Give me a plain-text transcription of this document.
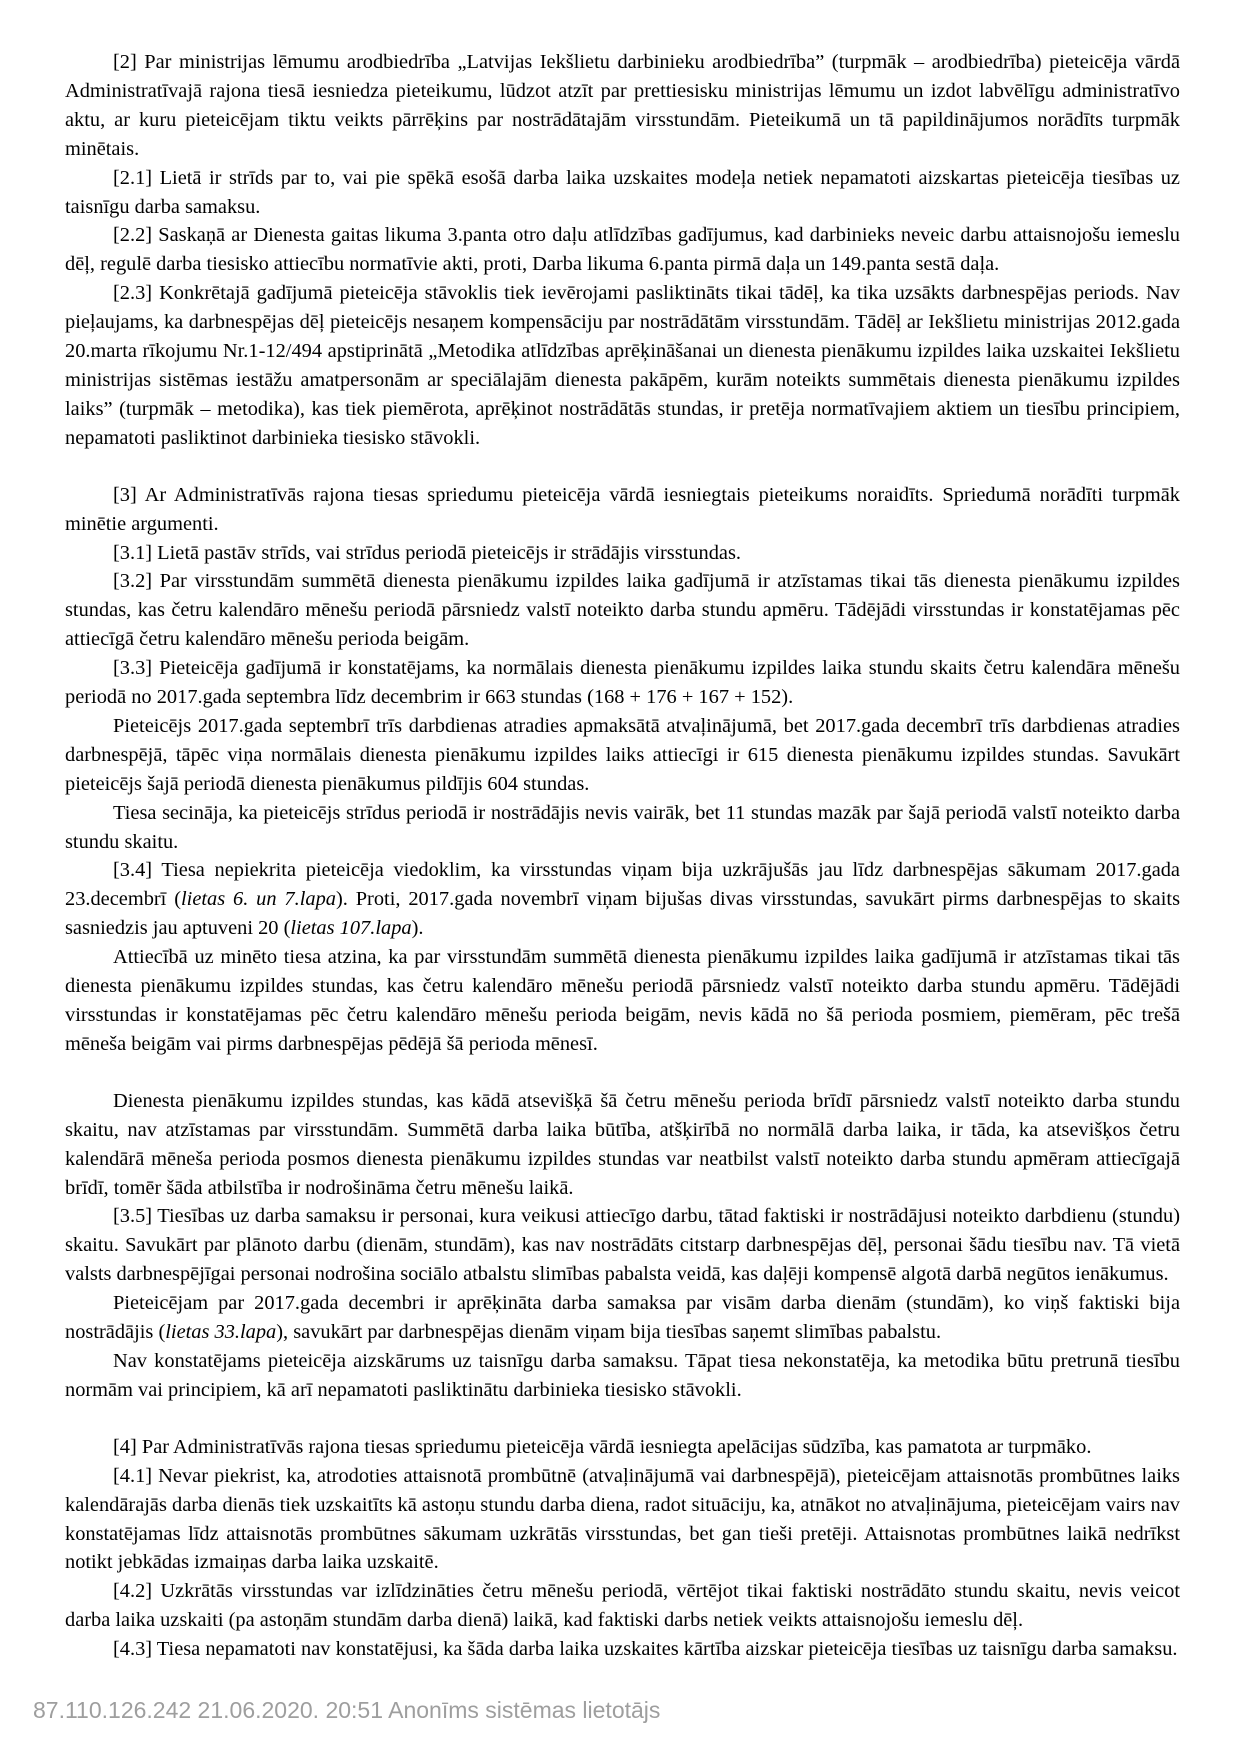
[2] Par ministrijas lēmumu arodbiedrība „Latvijas Iekšlietu darbinieku arodbiedrība” (turpmāk – arodbiedrība) pieteicēja vārdā Administratīvajā rajona tiesā iesniedza pieteikumu, lūdzot atzīt par prettiesisku ministrijas lēmumu un izdot labvēlīgu administratīvo aktu, ar kuru pieteicējam tiktu veikts pārrēķins par nostrādātajām virsstundām. Pieteikumā un tā papildinājumos norādīts turpmāk minētais.

[2.1] Lietā ir strīds par to, vai pie spēkā esošā darba laika uzskaites modeļa netiek nepamatoti aizskartas pieteicēja tiesības uz taisnīgu darba samaksu.

[2.2] Saskaņā ar Dienesta gaitas likuma 3.panta otro daļu atlīdzības gadījumus, kad darbinieks neveic darbu attaisnojošu iemeslu dēļ, regulē darba tiesisko attiecību normatīvie akti, proti, Darba likuma 6.panta pirmā daļa un 149.panta sestā daļa.

[2.3] Konkrētajā gadījumā pieteicēja stāvoklis tiek ievērojami pasliktināts tikai tādēļ, ka tika uzsākts darbnespējas periods. Nav pieļaujams, ka darbnespējas dēļ pieteicējs nesaņem kompensāciju par nostrādātām virsstundām. Tādēļ ar Iekšlietu ministrijas 2012.gada 20.marta rīkojumu Nr.1-12/494 apstiprinātā „Metodika atlīdzības aprēķināšanai un dienesta pienākumu izpildes laika uzskaitei Iekšlietu ministrijas sistēmas iestāžu amatpersonām ar speciālajām dienesta pakāpēm, kurām noteikts summētais dienesta pienākumu izpildes laiks” (turpmāk – metodika), kas tiek piemērota, aprēķinot nostrādātās stundas, ir pretēja normatīvajiem aktiem un tiesību principiem, nepamatoti pasliktinot darbinieka tiesisko stāvokli.

[3] Ar Administratīvās rajona tiesas spriedumu pieteicēja vārdā iesniegtais pieteikums noraidīts. Spriedumā norādīti turpmāk minētie argumenti.

[3.1] Lietā pastāv strīds, vai strīdus periodā pieteicējs ir strādājis virsstundas.

[3.2] Par virsstundām summētā dienesta pienākumu izpildes laika gadījumā ir atzīstamas tikai tās dienesta pienākumu izpildes stundas, kas četru kalendāro mēnešu periodā pārsniedz valstī noteikto darba stundu apmēru. Tādējādi virsstundas ir konstatējamas pēc attiecīgā četru kalendāro mēnešu perioda beigām.

[3.3] Pieteicēja gadījumā ir konstatējams, ka normālais dienesta pienākumu izpildes laika stundu skaits četru kalendāra mēnešu periodā no 2017.gada septembra līdz decembrim ir 663 stundas (168 + 176 + 167 + 152).

Pieteicējs 2017.gada septembrī trīs darbdienas atradies apmaksātā atvaļinājumā, bet 2017.gada decembrī trīs darbdienas atradies darbnespējā, tāpēc viņa normālais dienesta pienākumu izpildes laiks attiecīgi ir 615 dienesta pienākumu izpildes stundas. Savukārt pieteicējs šajā periodā dienesta pienākumus pildījis 604 stundas.

Tiesa secināja, ka pieteicējs strīdus periodā ir nostrādājis nevis vairāk, bet 11 stundas mazāk par šajā periodā valstī noteikto darba stundu skaitu.

[3.4] Tiesa nepiekrita pieteicēja viedoklim, ka virsstundas viņam bija uzkrājušās jau līdz darbnespējas sākumam 2017.gada 23.decembrī (lietas 6. un 7.lapa). Proti, 2017.gada novembrī viņam bijušas divas virsstundas, savukārt pirms darbnespējas to skaits sasniedzis jau aptuveni 20 (lietas 107.lapa).

Attiecībā uz minēto tiesa atzina, ka par virsstundām summētā dienesta pienākumu izpildes laika gadījumā ir atzīstamas tikai tās dienesta pienākumu izpildes stundas, kas četru kalendāro mēnešu periodā pārsniedz valstī noteikto darba stundu apmēru. Tādējādi virsstundas ir konstatējamas pēc četru kalendāro mēnešu perioda beigām, nevis kādā no šā perioda posmiem, piemēram, pēc trešā mēneša beigām vai pirms darbnespējas pēdējā šā perioda mēnesī.

Dienesta pienākumu izpildes stundas, kas kādā atsevišķā šā četru mēnešu perioda brīdī pārsniedz valstī noteikto darba stundu skaitu, nav atzīstamas par virsstundām. Summētā darba laika būtība, atšķirībā no normālā darba laika, ir tāda, ka atsevišķos četru kalendārā mēneša perioda posmos dienesta pienākumu izpildes stundas var neatbilst valstī noteikto darba stundu apmēram attiecīgajā brīdī, tomēr šāda atbilstība ir nodrošināma četru mēnešu laikā.

[3.5] Tiesības uz darba samaksu ir personai, kura veikusi attiecīgo darbu, tātad faktiski ir nostrādājusi noteikto darbdienu (stundu) skaitu. Savukārt par plānoto darbu (dienām, stundām), kas nav nostrādāts citstarp darbnespējas dēļ, personai šādu tiesību nav. Tā vietā valsts darbnespējīgai personai nodrošina sociālo atbalstu slimības pabalsta veidā, kas daļēji kompensē algotā darbā negūtos ienākumus.

Pieteicējam par 2017.gada decembri ir aprēķināta darba samaksa par visām darba dienām (stundām), ko viņš faktiski bija nostrādājis (lietas 33.lapa), savukārt par darbnespējas dienām viņam bija tiesības saņemt slimības pabalstu.

Nav konstatējams pieteicēja aizskārums uz taisnīgu darba samaksu. Tāpat tiesa nekonstatēja, ka metodika būtu pretrunā tiesību normām vai principiem, kā arī nepamatoti pasliktinātu darbinieka tiesisko stāvokli.

[4] Par Administratīvās rajona tiesas spriedumu pieteicēja vārdā iesniegta apelācijas sūdzība, kas pamatota ar turpmāko.

[4.1] Nevar piekrist, ka, atrodoties attaisnotā prombūtnē (atvaļinājumā vai darbnespējā), pieteicējam attaisnotās prombūtnes laiks kalendārajās darba dienās tiek uzskaitīts kā astoņu stundu darba diena, radot situāciju, ka, atnākot no atvaļinājuma, pieteicējam vairs nav konstatējamas līdz attaisnotās prombūtnes sākumam uzkrātās virsstundas, bet gan tieši pretēji. Attaisnotas prombūtnes laikā nedrīkst notikt jebkādas izmaiņas darba laika uzskaitē.

[4.2] Uzkrātās virsstundas var izlīdzināties četru mēnešu periodā, vērtējot tikai faktiski nostrādāto stundu skaitu, nevis veicot darba laika uzskaiti (pa astoņām stundām darba dienā) laikā, kad faktiski darbs netiek veikts attaisnojošu iemeslu dēļ.

[4.3] Tiesa nepamatoti nav konstatējusi, ka šāda darba laika uzskaites kārtība aizskar pieteicēja tiesības uz taisnīgu darba samaksu.

87.110.126.242 21.06.2020. 20:51 Anonīms sistēmas lietotājs
